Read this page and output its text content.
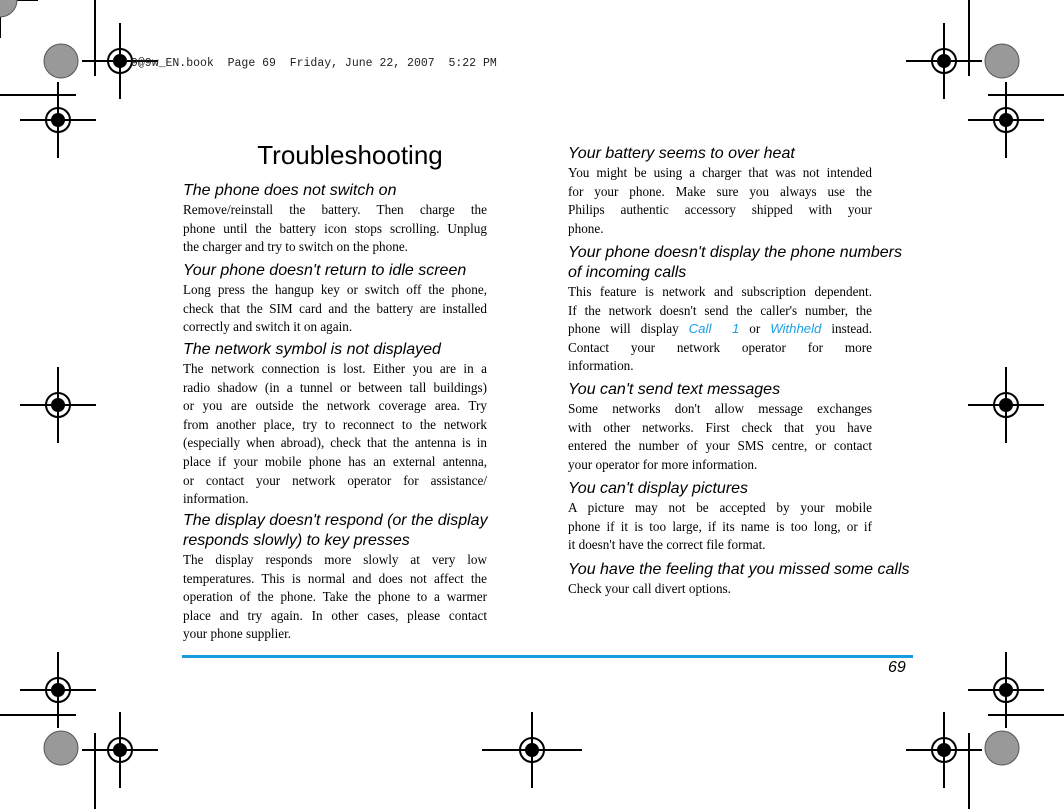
9@9w_EN.book  Page 69  Friday, June 22, 2007  5:22 PM
Troubleshooting
The phone does not switch on
Remove/reinstall the battery. Then charge the
phone until the battery icon stops scrolling. Unplug
the charger and try to switch on the phone.
Your phone doesn't return to idle screen
Long press the hangup key or switch off the phone,
check that the SIM card and the battery are installed
correctly and switch it on again.
The network symbol is not displayed
The network connection is lost. Either you are in a
radio shadow (in a tunnel or between tall buildings)
or you are outside the network coverage area. Try
from another place, try to reconnect to the network
(especially when abroad), check that the antenna is in
place if your mobile phone has an external antenna,
or contact your network operator for assistance/
information.
The display doesn't respond (or the display
responds slowly) to key presses
The display responds more slowly at very low
temperatures. This is normal and does not affect the
operation of the phone. Take the phone to a warmer
place and try again. In other cases, please contact
your phone supplier.
Your battery seems to over heat
You might be using a charger that was not intended
for your phone. Make sure you always use the
Philips authentic accessory shipped with your
phone.
Your phone doesn't display the phone numbers
of incoming calls
This feature is network and subscription dependent.
If the network doesn't send the caller's number, the
phone will display Call  1 or Withheld instead.
Contact your network operator for more
information.
You can't send text messages
Some networks don't allow message exchanges
with other networks. First check that you have
entered the number of your SMS centre, or contact
your operator for more information.
You can't display pictures
A picture may not be accepted by your mobile
phone if it is too large, if its name is too long, or if
it doesn't have the correct file format.
You have the feeling that you missed some calls
Check your call divert options.
69
